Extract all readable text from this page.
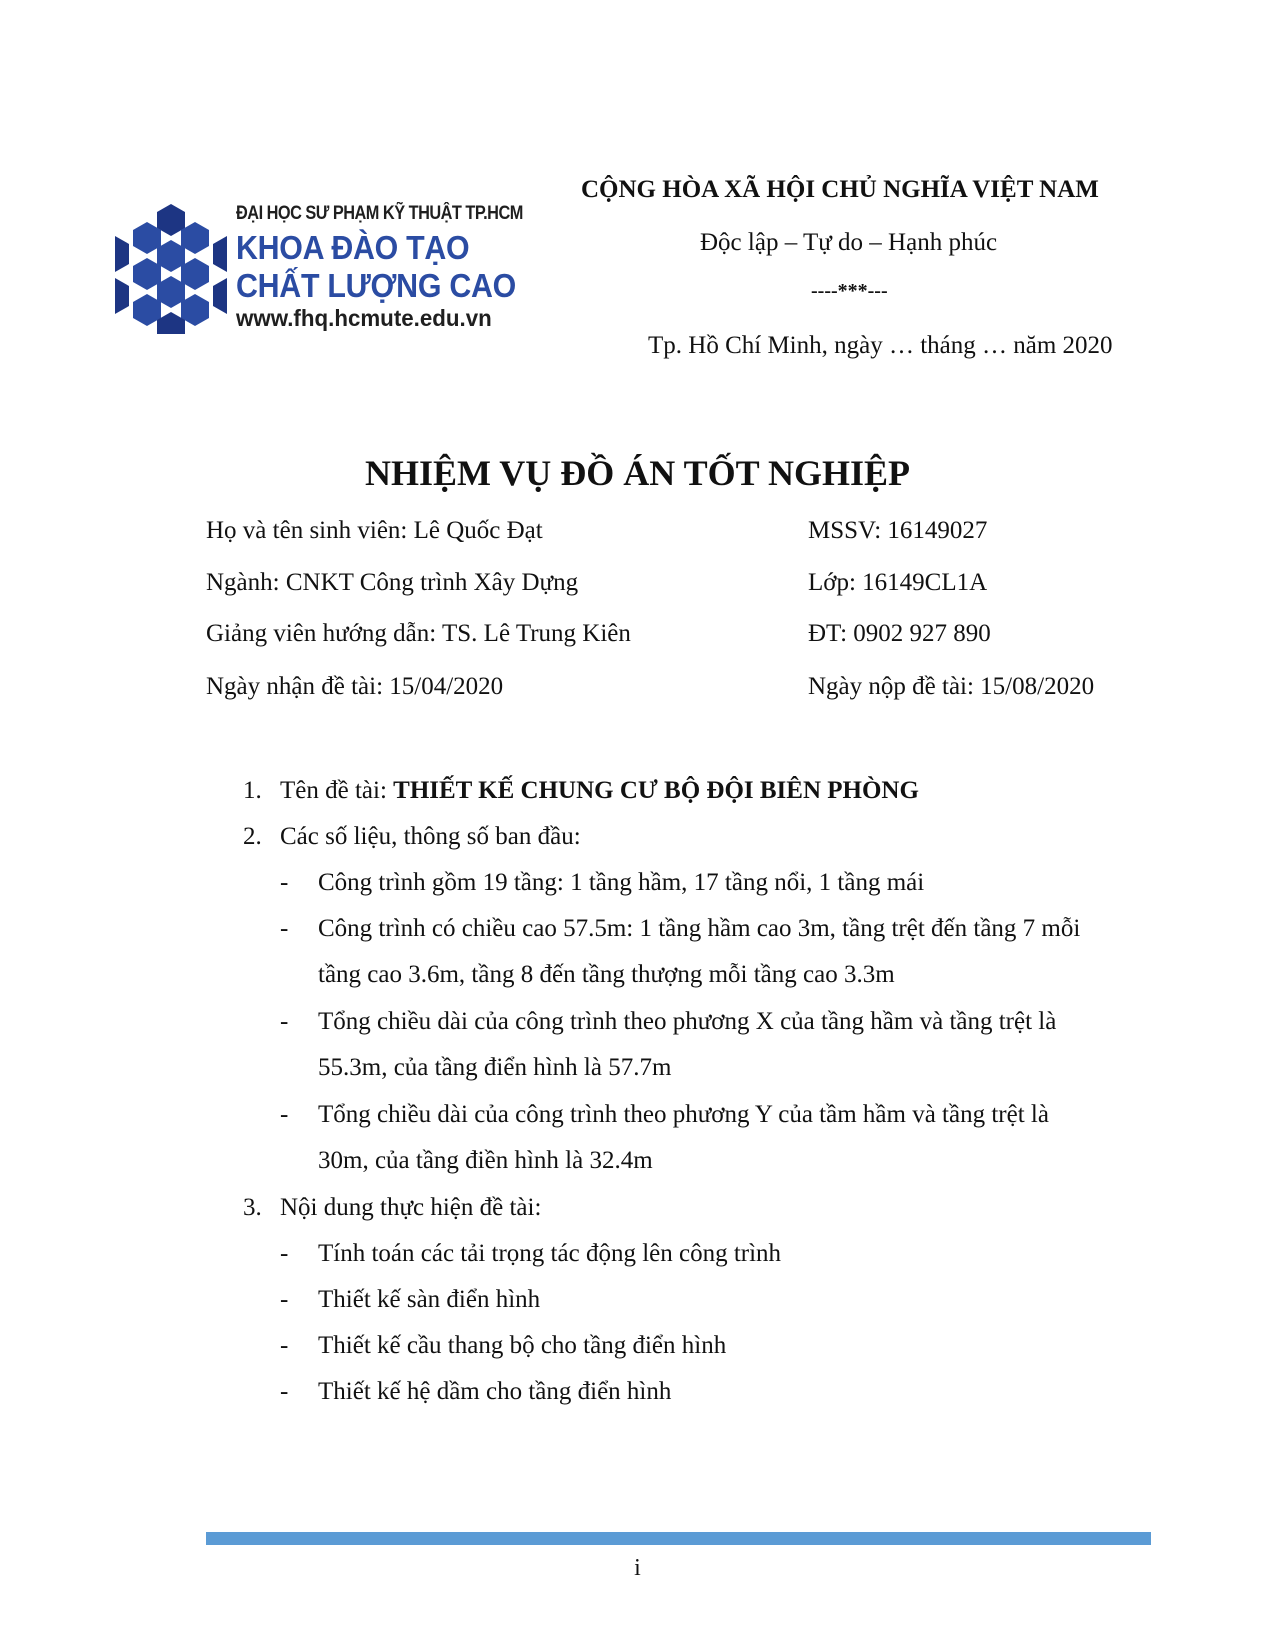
ĐẠI HỌC SƯ PHẠM KỸ THUẬT TP.HCM
KHOA ĐÀO TẠO
CHẤT LƯỢNG CAO
www.fhq.hcmute.edu.vn
CỘNG HÒA XÃ HỘI CHỦ NGHĨA VIỆT NAM
Độc lập – Tự do – Hạnh phúc
----***---
Tp. Hồ Chí Minh, ngày … tháng … năm 2020
NHIỆM VỤ ĐỒ ÁN TỐT NGHIỆP
Họ và tên sinh viên: Lê Quốc Đạt	MSSV: 16149027
Ngành: CNKT Công trình Xây Dựng	Lớp: 16149CL1A
Giảng viên hướng dẫn: TS. Lê Trung Kiên	ĐT: 0902 927 890
Ngày nhận đề tài: 15/04/2020	Ngày nộp đề tài: 15/08/2020
1. Tên đề tài: THIẾT KẾ CHUNG CƯ BỘ ĐỘI BIÊN PHÒNG
2. Các số liệu, thông số ban đầu:
- Công trình gồm 19 tầng: 1 tầng hầm, 17 tầng nổi, 1 tầng mái
- Công trình có chiều cao 57.5m: 1 tầng hầm cao 3m, tầng trệt đến tầng 7 mỗi
tầng cao 3.6m, tầng 8 đến tầng thượng mỗi tầng cao 3.3m
- Tổng chiều dài của công trình theo phương X của tầng hầm và tầng trệt là
55.3m, của tầng điển hình là 57.7m
- Tổng chiều dài của công trình theo phương Y của tầm hầm và tầng trệt là
30m, của tầng điền hình là 32.4m
3. Nội dung thực hiện đề tài:
- Tính toán các tải trọng tác động lên công trình
- Thiết kế sàn điển hình
- Thiết kế cầu thang bộ cho tầng điển hình
- Thiết kế hệ dầm cho tầng điển hình
i
